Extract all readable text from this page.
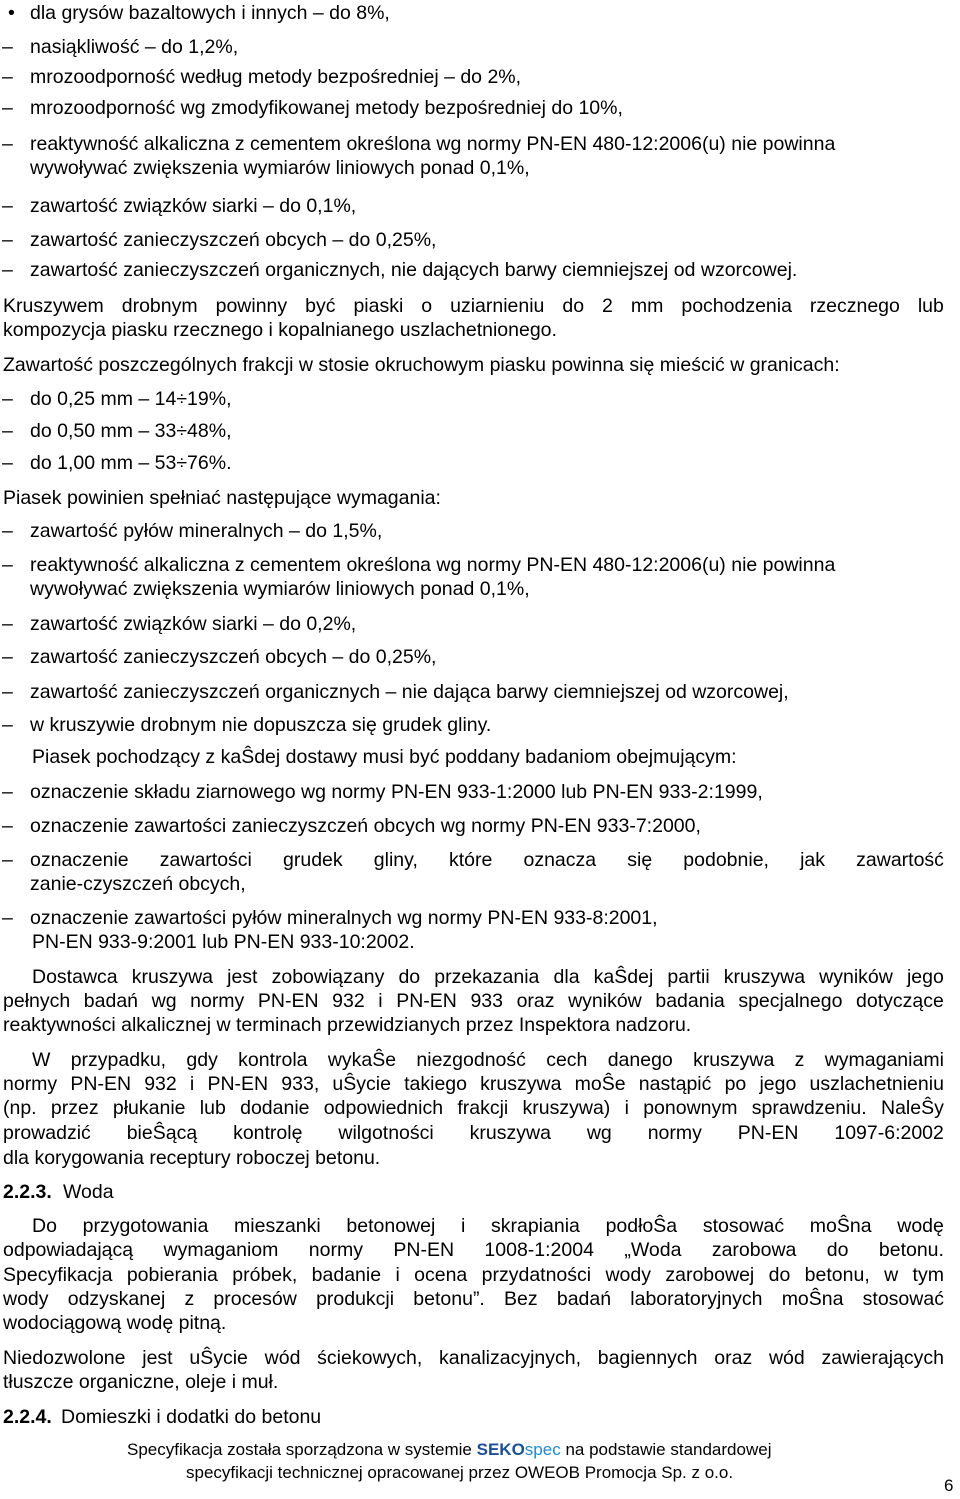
• dla grysów bazaltowych i innych – do 8%,
– nasiąkliwość – do 1,2%,
– mrozoodporność według metody bezpośredniej – do 2%,
– mrozoodporność wg zmodyfikowanej metody bezpośredniej do 10%,
– reaktywność alkaliczna z cementem określona wg normy PN-EN 480-12:2006(u) nie powinna
wywoływać zwiększenia wymiarów liniowych ponad 0,1%,
– zawartość związków siarki – do 0,1%,
– zawartość zanieczyszczeń obcych – do 0,25%,
– zawartość zanieczyszczeń organicznych, nie dających barwy ciemniejszej od wzorcowej.
Kruszywem drobnym powinny być piaski o uziarnieniu do 2 mm pochodzenia rzecznego lub
kompozycja piasku rzecznego i kopalnianego uszlachetnionego.
Zawartość poszczególnych frakcji w stosie okruchowym piasku powinna się mieścić w granicach:
– do 0,25 mm – 14÷19%,
– do 0,50 mm – 33÷48%,
– do 1,00 mm – 53÷76%.
Piasek powinien spełniać następujące wymagania:
– zawartość pyłów mineralnych – do 1,5%,
– reaktywność alkaliczna z cementem określona wg normy PN-EN 480-12:2006(u) nie powinna
wywoływać zwiększenia wymiarów liniowych ponad 0,1%,
– zawartość związków siarki – do 0,2%,
– zawartość zanieczyszczeń obcych – do 0,25%,
– zawartość zanieczyszczeń organicznych – nie dająca barwy ciemniejszej od wzorcowej,
– w kruszywie drobnym nie dopuszcza się grudek gliny.
Piasek pochodzący z kaŜdej dostawy musi być poddany badaniom obejmującym:
– oznaczenie składu ziarnowego wg normy PN-EN 933-1:2000 lub PN-EN 933-2:1999,
– oznaczenie zawartości zanieczyszczeń obcych wg normy PN-EN 933-7:2000,
– oznaczenie zawartości grudek gliny, które oznacza się podobnie, jak zawartość
zanie-czyszczeń obcych,
– oznaczenie zawartości pyłów mineralnych wg normy PN-EN 933-8:2001,
PN-EN 933-9:2001 lub PN-EN 933-10:2002.
Dostawca kruszywa jest zobowiązany do przekazania dla kaŜdej partii kruszywa wyników jego
pełnych badań wg normy PN-EN 932 i PN-EN 933 oraz wyników badania specjalnego dotyczące
reaktywności alkalicznej w terminach przewidzianych przez Inspektora nadzoru.
W przypadku, gdy kontrola wykaŜe niezgodność cech danego kruszywa z wymaganiami
normy PN-EN 932 i PN-EN 933, uŜycie takiego kruszywa moŜe nastąpić po jego uszlachetnieniu
(np. przez płukanie lub dodanie odpowiednich frakcji kruszywa) i ponownym sprawdzeniu. NaleŜy
prowadzić bieŜącą kontrolę wilgotności kruszywa wg normy PN-EN 1097-6:2002
dla korygowania receptury roboczej betonu.
2.2.3. Woda
Do przygotowania mieszanki betonowej i skrapiania podłoŜa stosować moŜna wodę
odpowiadającą wymaganiom normy PN-EN 1008-1:2004 „Woda zarobowa do betonu.
Specyfikacja pobierania próbek, badanie i ocena przydatności wody zarobowej do betonu, w tym
wody odzyskanej z procesów produkcji betonu”. Bez badań laboratoryjnych moŜna stosować
wodociągową wodę pitną.
Niedozwolone jest uŜycie wód ściekowych, kanalizacyjnych, bagiennych oraz wód zawierających
tłuszcze organiczne, oleje i muł.
2.2.4. Domieszki i dodatki do betonu
Specyfikacja została sporządzona w systemie SEKOspec na podstawie standardowej
specyfikacji technicznej opracowanej przez OWEOB Promocja Sp. z o.o.
6
